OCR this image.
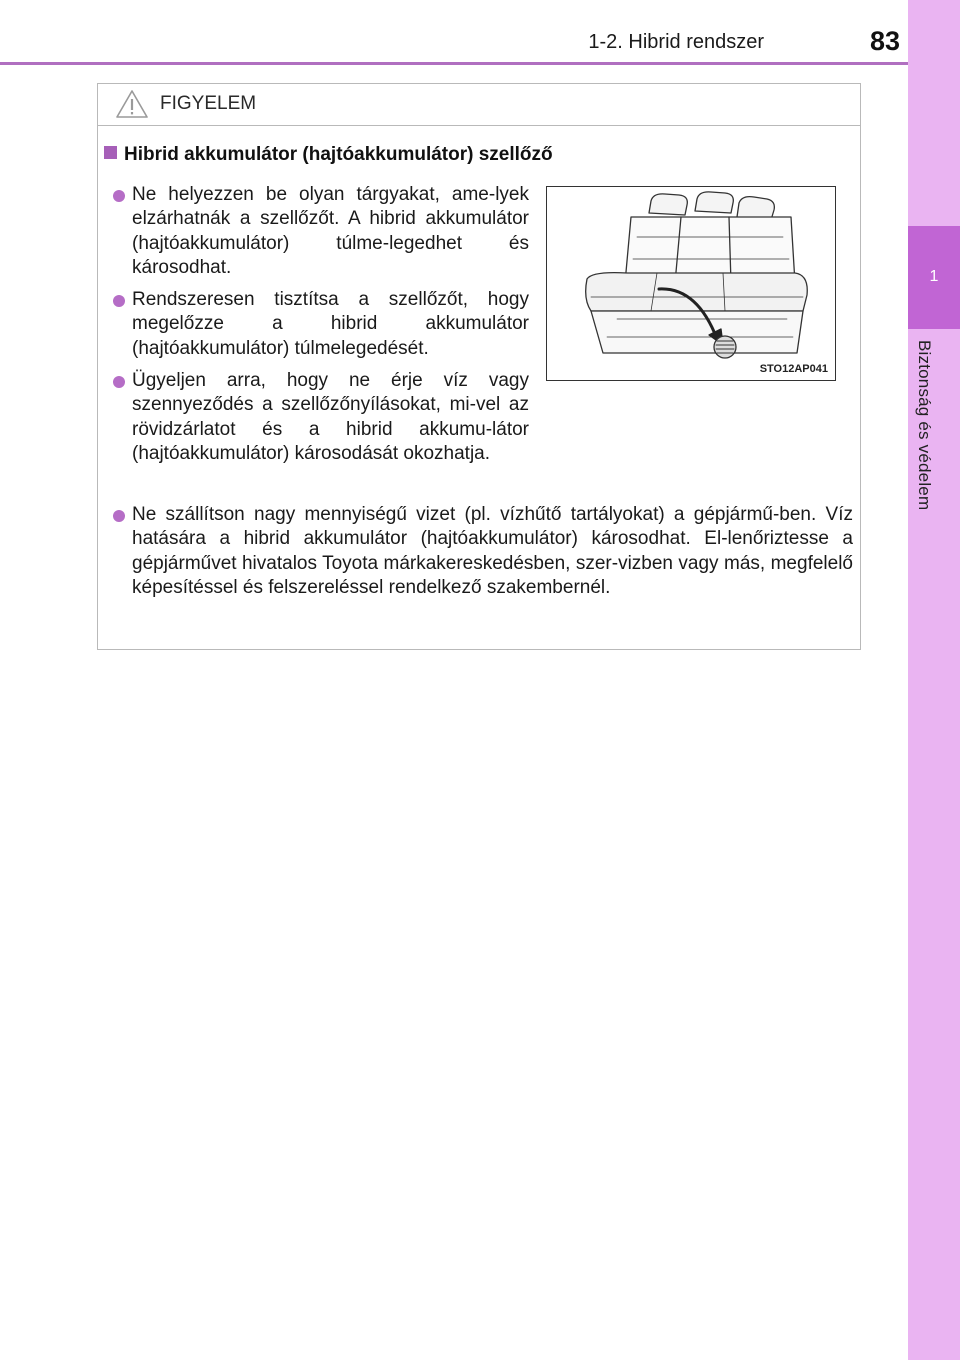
1-2. Hibrid rendszer	83
1
Biztonság és védelem
FIGYELEM
Hibrid akkumulátor (hajtóakkumulátor) szellőző
Ne helyezzen be olyan tárgyakat, ame-lyek elzárhatnák a szellőzőt. A hibrid akkumulátor (hajtóakkumulátor) túlme-legedhet és károsodhat.
Rendszeresen tisztítsa a szellőzőt, hogy megelőzze a hibrid akkumulátor (hajtóakkumulátor) túlmelegedését.
Ügyeljen arra, hogy ne érje víz vagy szennyeződés a szellőzőnyílásokat, mi-vel az rövidzárlatot és a hibrid akkumu-látor (hajtóakkumulátor) károsodását okozhatja.
Ne szállítson nagy mennyiségű vizet (pl. vízhűtő tartályokat) a gépjármű-ben. Víz hatására a hibrid akkumulátor (hajtóakkumulátor) károsodhat. El-lenőriztesse a gépjárművet hivatalos Toyota márkakereskedésben, szer-vizben vagy más, megfelelő képesítéssel és felszereléssel rendelkező szakembernél.
STO12AP041
